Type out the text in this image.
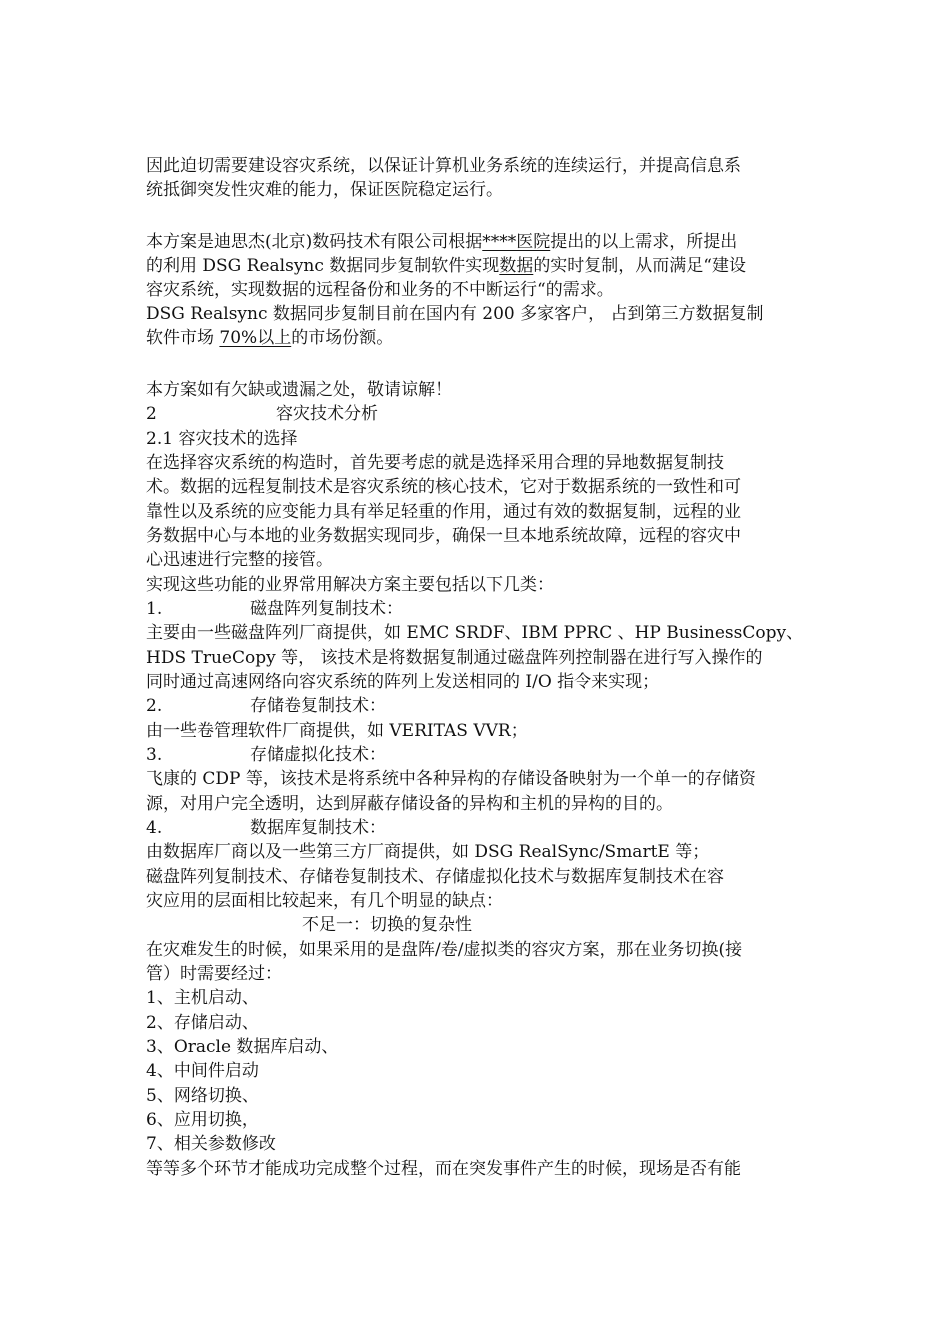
因此迫切需要建设容灾系统，以保证计算机业务系统的连续运行，并提高信息系
统抵御突发性灾难的能力，保证医院稳定运行。
本方案是迪思杰(北京)数码技术有限公司根据****医院提出的以上需求，所提出
的利用 DSG Realsync 数据同步复制软件实现数据的实时复制，从而满足“建设
容灾系统，实现数据的远程备份和业务的不中断运行“的需求。
DSG Realsync 数据同步复制目前在国内有 200 多家客户， 占到第三方数据复制
软件市场 70%以上的市场份额。
本方案如有欠缺或遗漏之处，敬请谅解！
2	容灾技术分析
2.1 容灾技术的选择
在选择容灾系统的构造时，首先要考虑的就是选择采用合理的异地数据复制技
术。数据的远程复制技术是容灾系统的核心技术，它对于数据系统的一致性和可
靠性以及系统的应变能力具有举足轻重的作用，通过有效的数据复制，远程的业
务数据中心与本地的业务数据实现同步，确保一旦本地系统故障，远程的容灾中
心迅速进行完整的接管。
实现这些功能的业界常用解决方案主要包括以下几类：
1.	磁盘阵列复制技术：
主要由一些磁盘阵列厂商提供，如 EMC SRDF、IBM PPRC 、HP BusinessCopy、
HDS TrueCopy 等， 该技术是将数据复制通过磁盘阵列控制器在进行写入操作的
同时通过高速网络向容灾系统的阵列上发送相同的 I/O 指令来实现；
2.	存储卷复制技术：
由一些卷管理软件厂商提供，如 VERITAS VVR；
3.	存储虚拟化技术：
飞康的 CDP 等，该技术是将系统中各种异构的存储设备映射为一个单一的存储资
源，对用户完全透明，达到屏蔽存储设备的异构和主机的异构的目的。
4.	数据库复制技术：
由数据库厂商以及一些第三方厂商提供，如 DSG RealSync/SmartE 等；
磁盘阵列复制技术、存储卷复制技术、存储虚拟化技术与数据库复制技术在容
灾应用的层面相比较起来，有几个明显的缺点：
不足一：切换的复杂性
在灾难发生的时候，如果采用的是盘阵/卷/虚拟类的容灾方案，那在业务切换(接
管）时需要经过：
1、主机启动、
2、存储启动、
3、Oracle 数据库启动、
4、中间件启动
5、网络切换、
6、应用切换，
7、相关参数修改
等等多个环节才能成功完成整个过程，而在突发事件产生的时候，现场是否有能
